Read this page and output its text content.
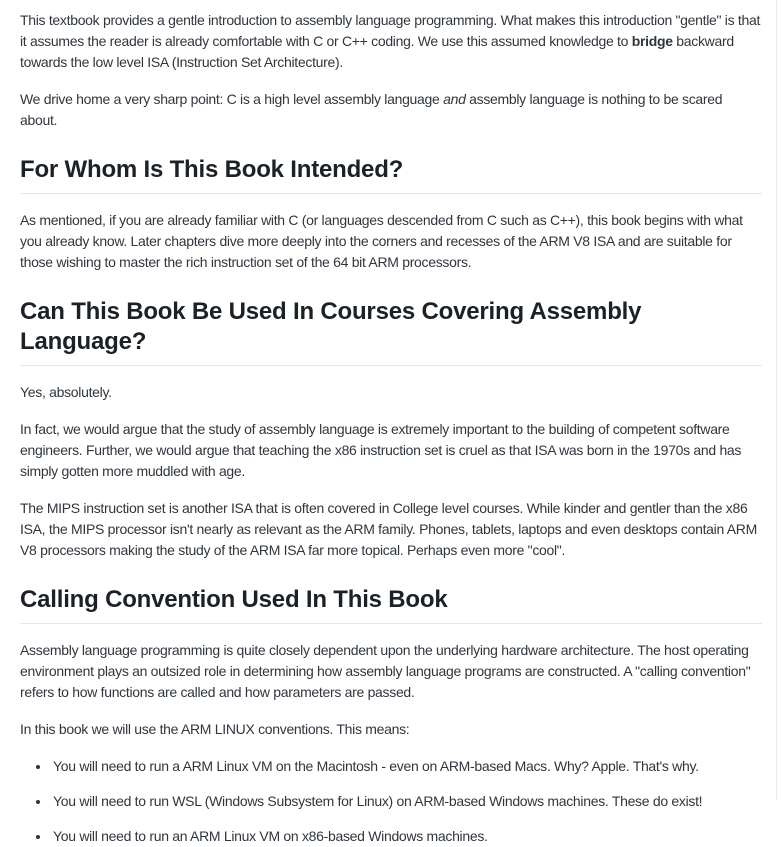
This textbook provides a gentle introduction to assembly language programming. What makes this introduction "gentle" is that it assumes the reader is already comfortable with C or C++ coding. We use this assumed knowledge to bridge backward towards the low level ISA (Instruction Set Architecture).

We drive home a very sharp point: C is a high level assembly language and assembly language is nothing to be scared about.

For Whom Is This Book Intended?

As mentioned, if you are already familiar with C (or languages descended from C such as C++), this book begins with what you already know. Later chapters dive more deeply into the corners and recesses of the ARM V8 ISA and are suitable for those wishing to master the rich instruction set of the 64 bit ARM processors.

Can This Book Be Used In Courses Covering Assembly Language?

Yes, absolutely.

In fact, we would argue that the study of assembly language is extremely important to the building of competent software engineers. Further, we would argue that teaching the x86 instruction set is cruel as that ISA was born in the 1970s and has simply gotten more muddled with age.

The MIPS instruction set is another ISA that is often covered in College level courses. While kinder and gentler than the x86 ISA, the MIPS processor isn't nearly as relevant as the ARM family. Phones, tablets, laptops and even desktops contain ARM V8 processors making the study of the ARM ISA far more topical. Perhaps even more "cool".

Calling Convention Used In This Book

Assembly language programming is quite closely dependent upon the underlying hardware architecture. The host operating environment plays an outsized role in determining how assembly language programs are constructed. A "calling convention" refers to how functions are called and how parameters are passed.

In this book we will use the ARM LINUX conventions. This means:

• You will need to run a ARM Linux VM on the Macintosh - even on ARM-based Macs. Why? Apple. That's why.
• You will need to run WSL (Windows Subsystem for Linux) on ARM-based Windows machines. These do exist!
• You will need to run an ARM Linux VM on x86-based Windows machines.
